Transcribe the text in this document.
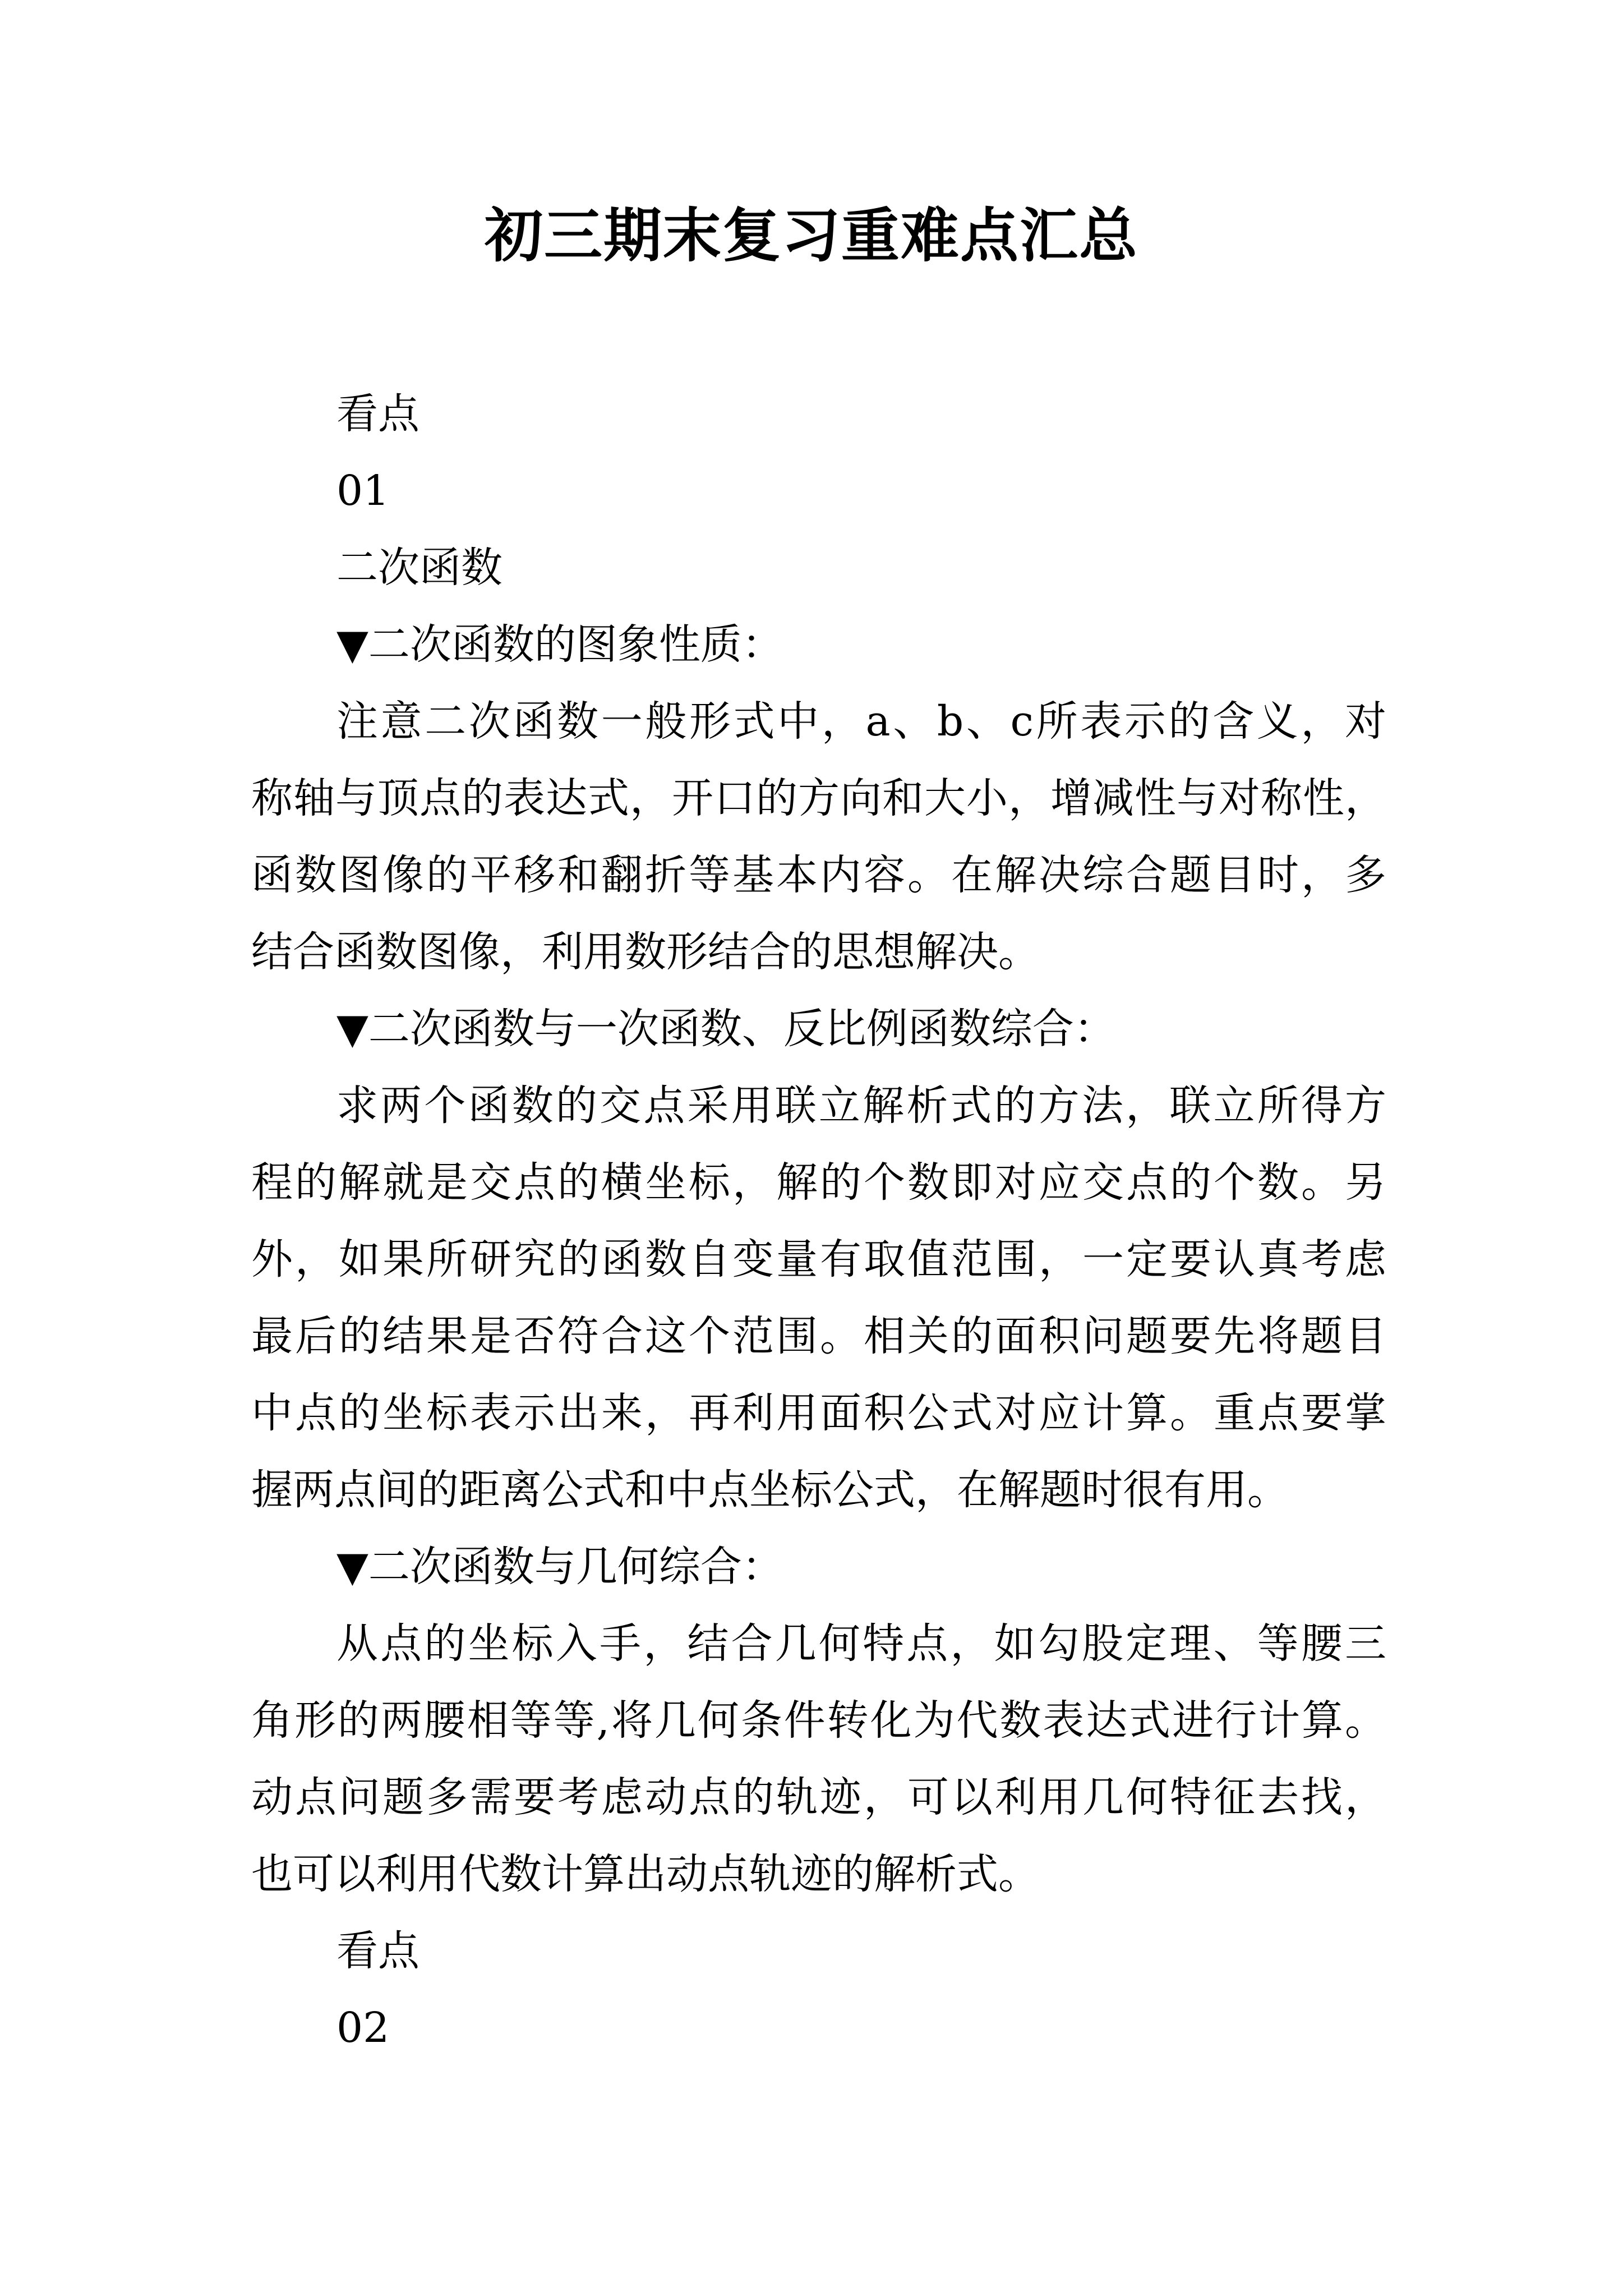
初三期末复习重难点汇总
看点
01
二次函数
▼二次函数的图象性质：
注意二次函数一般形式中，a、b、c所表示的含义，对
称轴与顶点的表达式，开口的方向和大小，增减性与对称性，
函数图像的平移和翻折等基本内容。在解决综合题目时，多
结合函数图像，利用数形结合的思想解决。
▼二次函数与一次函数、反比例函数综合：
求两个函数的交点采用联立解析式的方法，联立所得方
程的解就是交点的横坐标，解的个数即对应交点的个数。另
外，如果所研究的函数自变量有取值范围，一定要认真考虑
最后的结果是否符合这个范围。相关的面积问题要先将题目
中点的坐标表示出来，再利用面积公式对应计算。重点要掌
握两点间的距离公式和中点坐标公式，在解题时很有用。
▼二次函数与几何综合：
从点的坐标入手，结合几何特点，如勾股定理、等腰三
角形的两腰相等等,将几何条件转化为代数表达式进行计算。
动点问题多需要考虑动点的轨迹，可以利用几何特征去找，
也可以利用代数计算出动点轨迹的解析式。
看点
02
